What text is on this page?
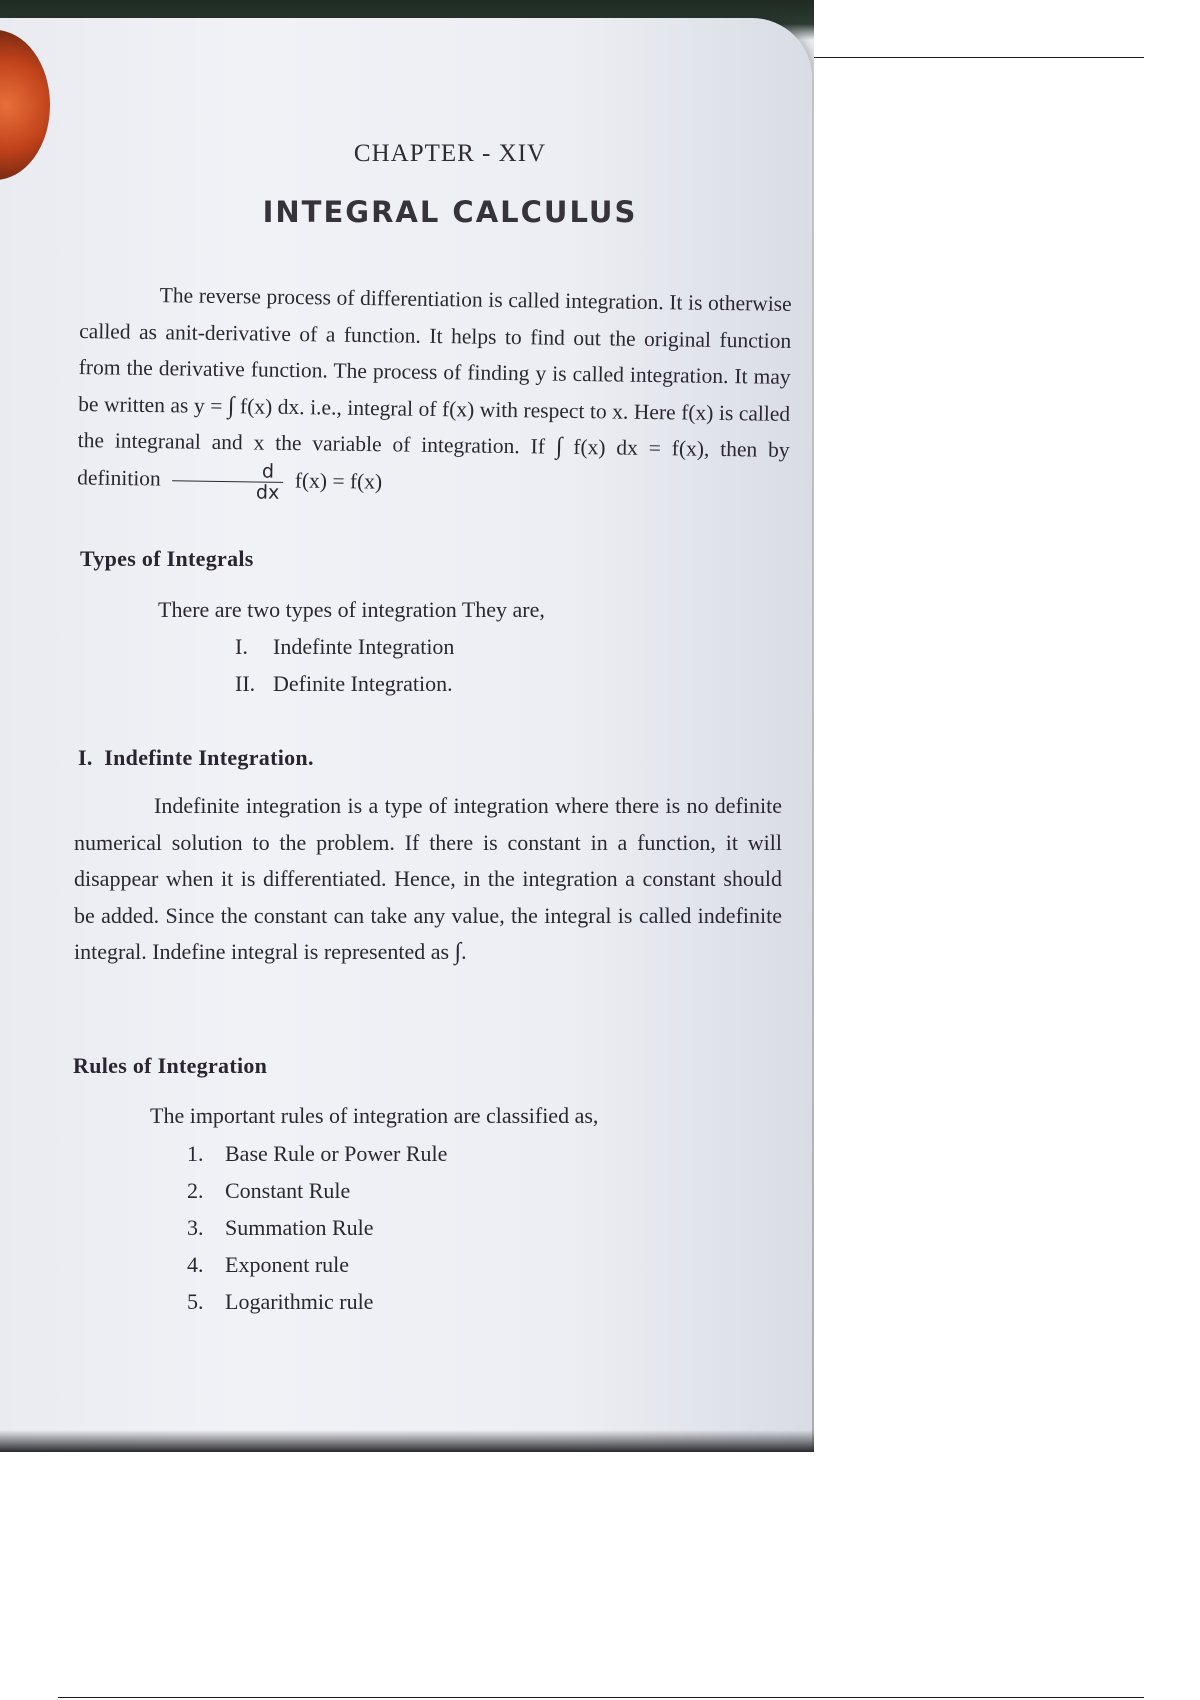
CHAPTER - XIV
INTEGRAL CALCULUS

The reverse process of differentiation is called integration. It is otherwise called as anit-derivative of a function. It helps to find out the original function from the derivative function. The process of finding y is called integration. It may be written as y = ∫ f(x) dx. i.e., integral of f(x) with respect to x. Here f(x) is called the integranal and x the variable of integration. If ∫ f(x) dx = f(x), then by definition $\frac{d}{dx} f(x) = f(x)$

Types of Integrals
There are two types of integration They are,
I. Indefinte Integration
II. Definite Integration.
I.  Indefinte Integration.

Indefinite integration is a type of integration where there is no definite numerical solution to the problem. If there is constant in a function, it will disappear when it is differentiated. Hence, in the integration a constant should be added. Since the constant can take any value, the integral is called indefinite integral. Indefine integral is represented as ∫.

Rules of Integration
The important rules of integration are classified as,
1. Base Rule or Power Rule
2. Constant Rule
3. Summation Rule
4. Exponent rule
5. Logarithmic rule
